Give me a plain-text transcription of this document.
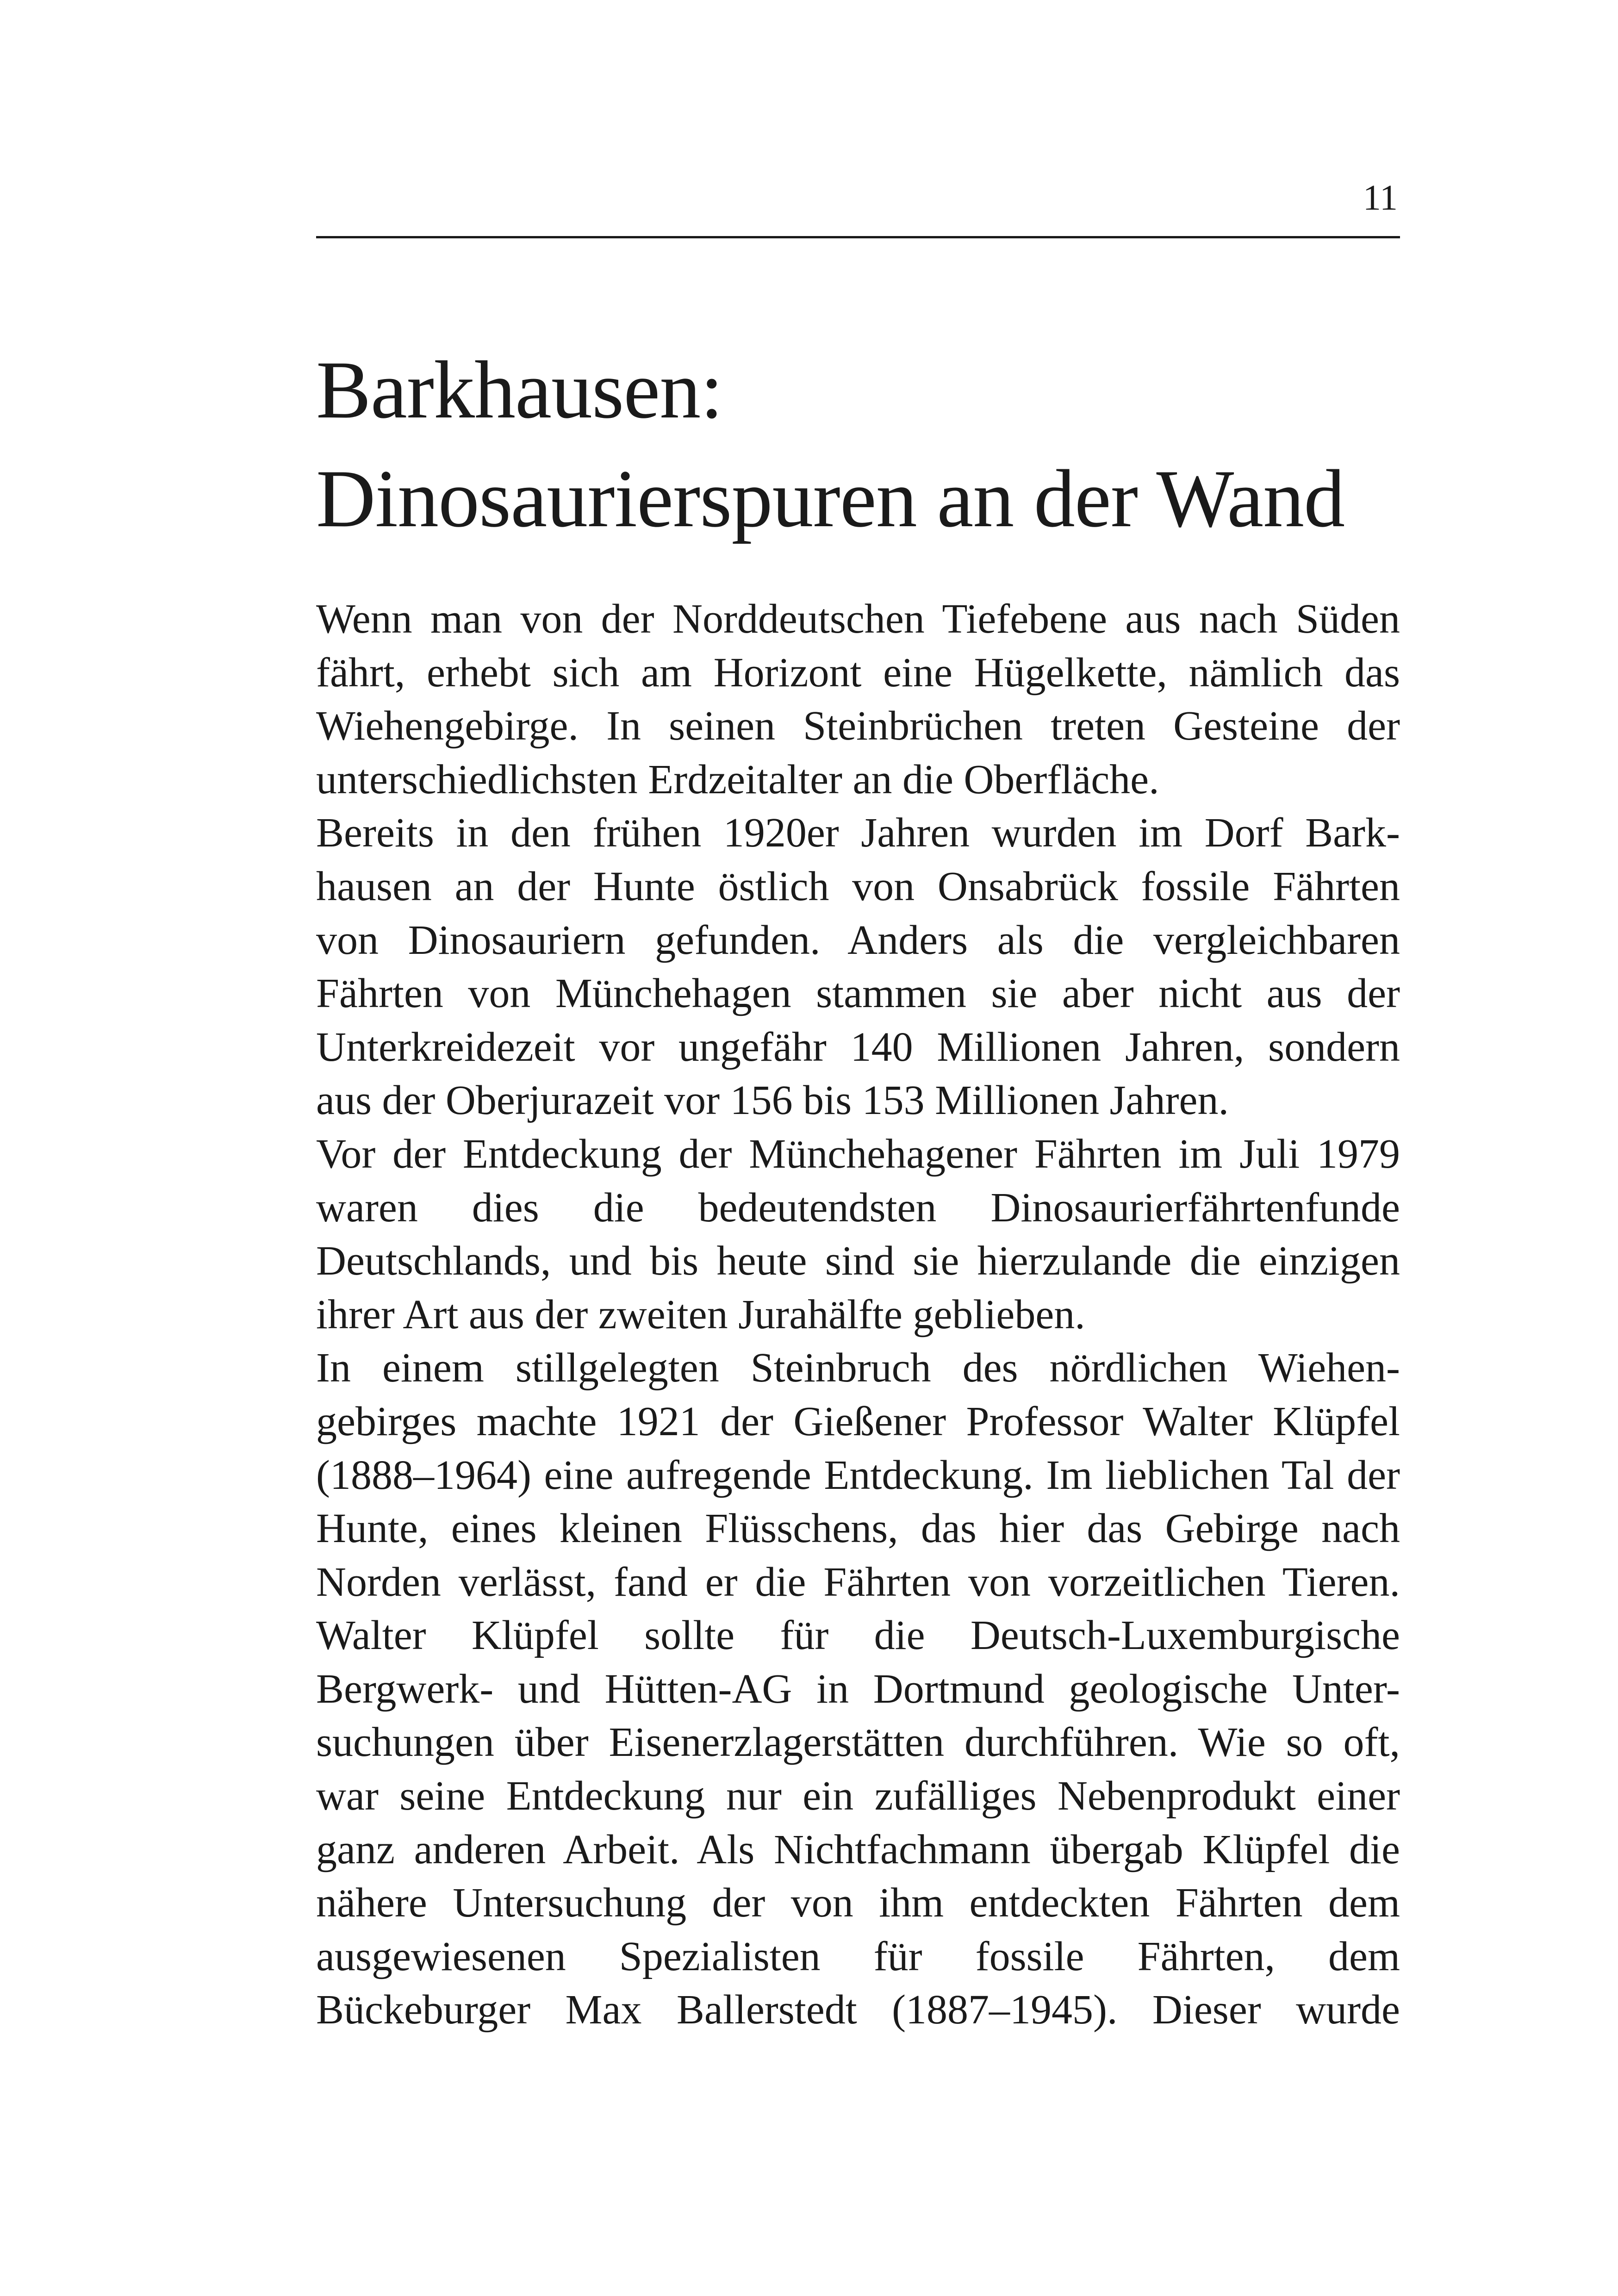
11
Barkhausen:
Dinosaurierspuren an der Wand
Wenn man von der Norddeutschen Tiefebene aus nach Süden
fährt, erhebt sich am Horizont eine Hügelkette, nämlich das
Wiehengebirge. In seinen Steinbrüchen treten Gesteine der
unterschiedlichsten Erdzeitalter an die Oberfläche.
Bereits in den frühen 1920er Jahren wurden im Dorf Bark-
hausen an der Hunte östlich von Onsabrück fossile Fährten
von Dinosauriern gefunden. Anders als die vergleichbaren
Fährten von Münchehagen stammen sie aber nicht aus der
Unterkreidezeit vor ungefähr 140 Millionen Jahren, sondern
aus der Oberjurazeit vor 156 bis 153 Millionen Jahren.
Vor der Entdeckung der Münchehagener Fährten im Juli 1979
waren dies die bedeutendsten Dinosaurierfährtenfunde
Deutschlands, und bis heute sind sie hierzulande die einzigen
ihrer Art aus der zweiten Jurahälfte geblieben.
In einem stillgelegten Steinbruch des nördlichen Wiehen-
gebirges machte 1921 der Gießener Professor Walter Klüpfel
(1888–1964) eine aufregende Entdeckung. Im lieblichen Tal der
Hunte, eines kleinen Flüsschens, das hier das Gebirge nach
Norden verlässt, fand er die Fährten von vorzeitlichen Tieren.
Walter Klüpfel sollte für die Deutsch-Luxemburgische
Bergwerk- und Hütten-AG in Dortmund geologische Unter-
suchungen über Eisenerzlagerstätten durchführen. Wie so oft,
war seine Entdeckung nur ein zufälliges Nebenprodukt einer
ganz anderen Arbeit. Als Nichtfachmann übergab Klüpfel die
nähere Untersuchung der von ihm entdeckten Fährten dem
ausgewiesenen Spezialisten für fossile Fährten, dem
Bückeburger Max Ballerstedt (1887–1945). Dieser wurde
